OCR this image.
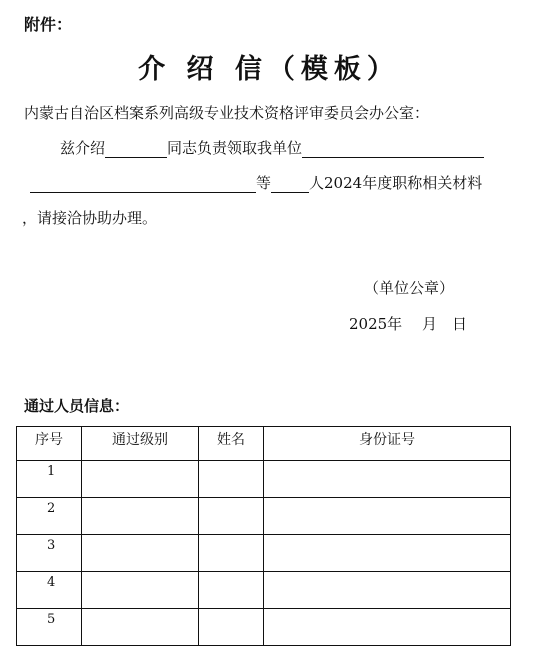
附件：
介 绍 信（模板）
内蒙古自治区档案系列高级专业技术资格评审委员会办公室：
兹介绍	同志负责领取我单位
等	人2024年度职称相关材料
，请接洽协助办理。
（单位公章）
2025年　 月　日
通过人员信息：
序号	通过级别	姓名	身份证号
1			
2			
3			
4			
5			
